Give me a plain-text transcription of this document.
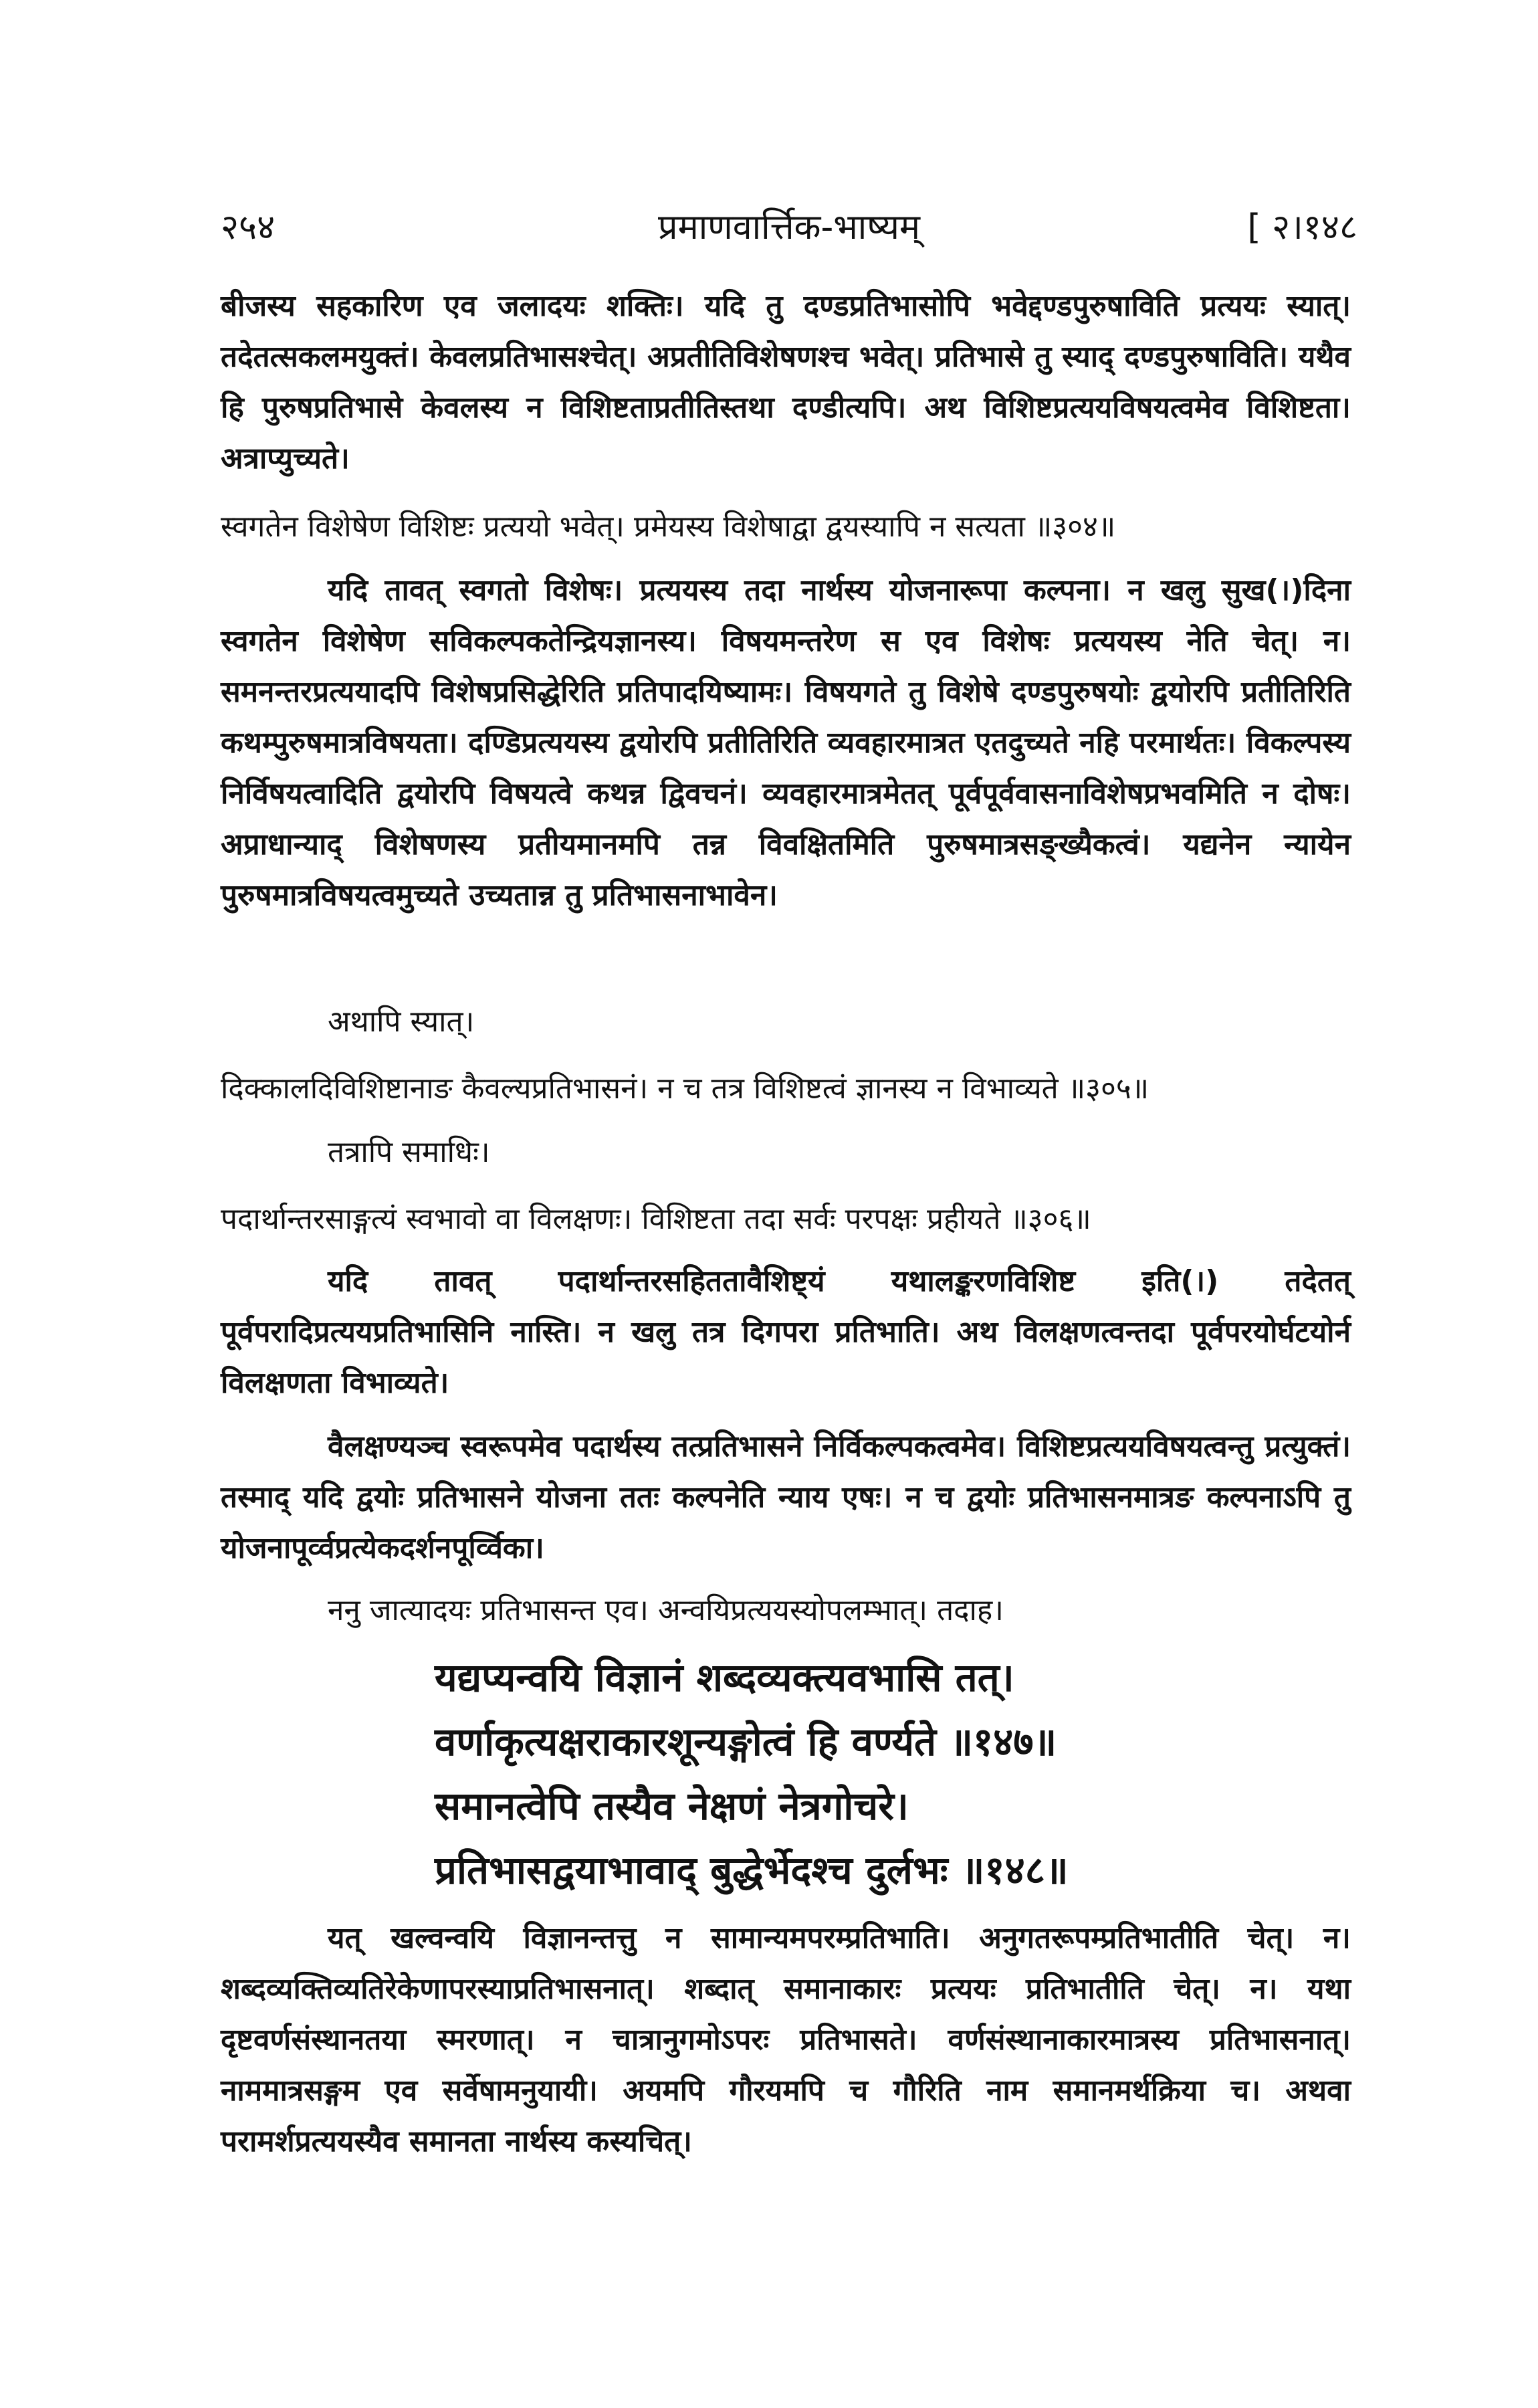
२५४	प्रमाणवार्त्तिक-भाष्यम्	[ २।१४८
बीजस्य सहकारिण एव जलादयः शक्तिः। यदि तु दण्डप्रतिभासोपि भवेद्दण्डपुरुषाविति प्रत्ययः स्यात्। तदेतत्सकलमयुक्तं। केवलप्रतिभासश्चेत्। अप्रतीतिविशेषणश्च भवेत्। प्रतिभासे तु स्याद् दण्डपुरुषाविति। यथैव हि पुरुषप्रतिभासे केवलस्य न विशिष्टताप्रतीतिस्तथा दण्डीत्यपि। अथ विशिष्टप्रत्ययविषयत्वमेव विशिष्टता। अत्राप्युच्यते।
स्वगतेन विशेषेण विशिष्टः प्रत्ययो भवेत्। प्रमेयस्य विशेषाद्वा द्वयस्यापि न सत्यता ॥३०४॥
यदि तावत् स्वगतो विशेषः। प्रत्ययस्य तदा नार्थस्य योजनारूपा कल्पना। न खलु सुख(।)दिना स्वगतेन विशेषेण सविकल्पकतेन्द्रियज्ञानस्य। विषयमन्तरेण स एव विशेषः प्रत्ययस्य नेति चेत्। न। समनन्तरप्रत्ययादपि विशेषप्रसिद्धेरिति प्रतिपादयिष्यामः। विषयगते तु विशेषे दण्डपुरुषयोः द्वयोरपि प्रतीतिरिति कथम्पुरुषमात्रविषयता। दण्डिप्रत्ययस्य द्वयोरपि प्रतीतिरिति व्यवहारमात्रत एतदुच्यते नहि परमार्थतः। विकल्पस्य निर्विषयत्वादिति द्वयोरपि विषयत्वे कथन्न द्विवचनं। व्यवहारमात्रमेतत् पूर्वपूर्ववासनाविशेषप्रभवमिति न दोषः। अप्राधान्याद् विशेषणस्य प्रतीयमानमपि तन्न विवक्षितमिति पुरुषमात्रसङ्ख्यैकत्वं। यद्यनेन न्यायेन पुरुषमात्रविषयत्वमुच्यते उच्यतान्न तु प्रतिभासनाभावेन।
अथापि स्यात्।
दिक्कालदिविशिष्टानाङ कैवल्यप्रतिभासनं। न च तत्र विशिष्टत्वं ज्ञानस्य न विभाव्यते ॥३०५॥
तत्रापि समाधिः।
पदार्थान्तरसाङ्गत्यं स्वभावो वा विलक्षणः। विशिष्टता तदा सर्वः परपक्षः प्रहीयते ॥३०६॥
यदि तावत् पदार्थान्तरसहिततावैशिष्ट्यं यथालङ्करणविशिष्ट इति(।) तदेतत् पूर्वपरादिप्रत्ययप्रतिभासिनि नास्ति। न खलु तत्र दिगपरा प्रतिभाति। अथ विलक्षणत्वन्तदा पूर्वपरयोर्घटयोर्न विलक्षणता विभाव्यते।
वैलक्षण्यञ्च स्वरूपमेव पदार्थस्य तत्प्रतिभासने निर्विकल्पकत्वमेव। विशिष्टप्रत्ययविषयत्वन्तु प्रत्युक्तं। तस्माद् यदि द्वयोः प्रतिभासने योजना ततः कल्पनेति न्याय एषः। न च द्वयोः प्रतिभासनमात्रङ कल्पनाऽपि तु योजनापूर्व्वप्रत्येकदर्शनपूर्व्विका।
ननु जात्यादयः प्रतिभासन्त एव। अन्वयिप्रत्ययस्योपलम्भात्। तदाह।
यद्यप्यन्वयि विज्ञानं शब्दव्यक्त्यवभासि तत्।
वर्णाकृत्यक्षराकारशून्यङ्गोत्वं हि वर्ण्यते ॥१४७॥
समानत्वेपि तस्यैव नेक्षणं नेत्रगोचरे।
प्रतिभासद्वयाभावाद् बुद्धेर्भेदश्च दुर्लभः ॥१४८॥
यत् खल्वन्वयि विज्ञानन्तत्तु न सामान्यमपरम्प्रतिभाति। अनुगतरूपम्प्रतिभातीति चेत्। न। शब्दव्यक्तिव्यतिरेकेणापरस्याप्रतिभासनात्। शब्दात् समानाकारः प्रत्ययः प्रतिभातीति चेत्। न। यथा दृष्टवर्णसंस्थानतया स्मरणात्। न चात्रानुगमोऽपरः प्रतिभासते। वर्णसंस्थानाकारमात्रस्य प्रतिभासनात्। नाममात्रसङ्गम एव सर्वेषामनुयायी। अयमपि गौरयमपि च गौरिति नाम समानमर्थक्रिया च। अथवा परामर्शप्रत्ययस्यैव समानता नार्थस्य कस्यचित्।
